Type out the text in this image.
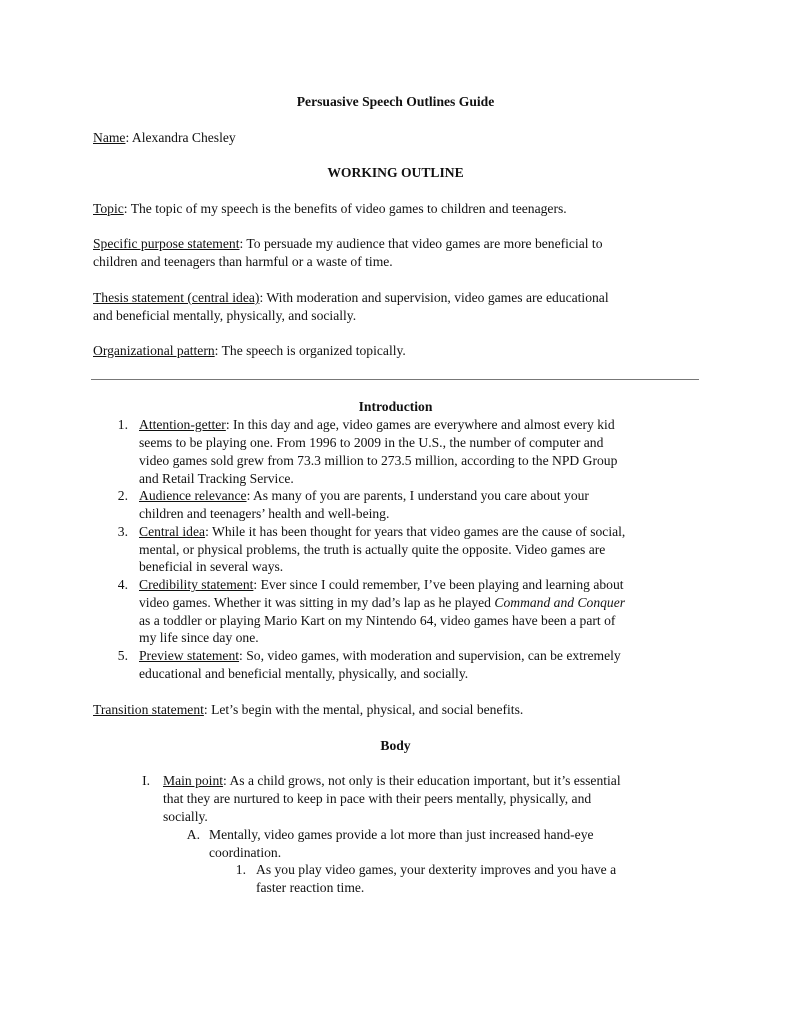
Persuasive Speech Outlines Guide
Name: Alexandra Chesley
WORKING OUTLINE
Topic: The topic of my speech is the benefits of video games to children and teenagers.
Specific purpose statement: To persuade my audience that video games are more beneficial to
children and teenagers than harmful or a waste of time.
Thesis statement (central idea): With moderation and supervision, video games are educational
and beneficial mentally, physically, and socially.
Organizational pattern: The speech is organized topically.
Introduction
1. Attention-getter: In this day and age, video games are everywhere and almost every kid
seems to be playing one. From 1996 to 2009 in the U.S., the number of computer and
video games sold grew from 73.3 million to 273.5 million, according to the NPD Group
and Retail Tracking Service.
2. Audience relevance: As many of you are parents, I understand you care about your
children and teenagers’ health and well-being.
3. Central idea: While it has been thought for years that video games are the cause of social,
mental, or physical problems, the truth is actually quite the opposite. Video games are
beneficial in several ways.
4. Credibility statement: Ever since I could remember, I’ve been playing and learning about
video games. Whether it was sitting in my dad’s lap as he played Command and Conquer
as a toddler or playing Mario Kart on my Nintendo 64, video games have been a part of
my life since day one.
5. Preview statement: So, video games, with moderation and supervision, can be extremely
educational and beneficial mentally, physically, and socially.
Transition statement: Let’s begin with the mental, physical, and social benefits.
Body
I. Main point: As a child grows, not only is their education important, but it’s essential
that they are nurtured to keep in pace with their peers mentally, physically, and
socially.
A. Mentally, video games provide a lot more than just increased hand-eye
coordination.
1. As you play video games, your dexterity improves and you have a
faster reaction time.
